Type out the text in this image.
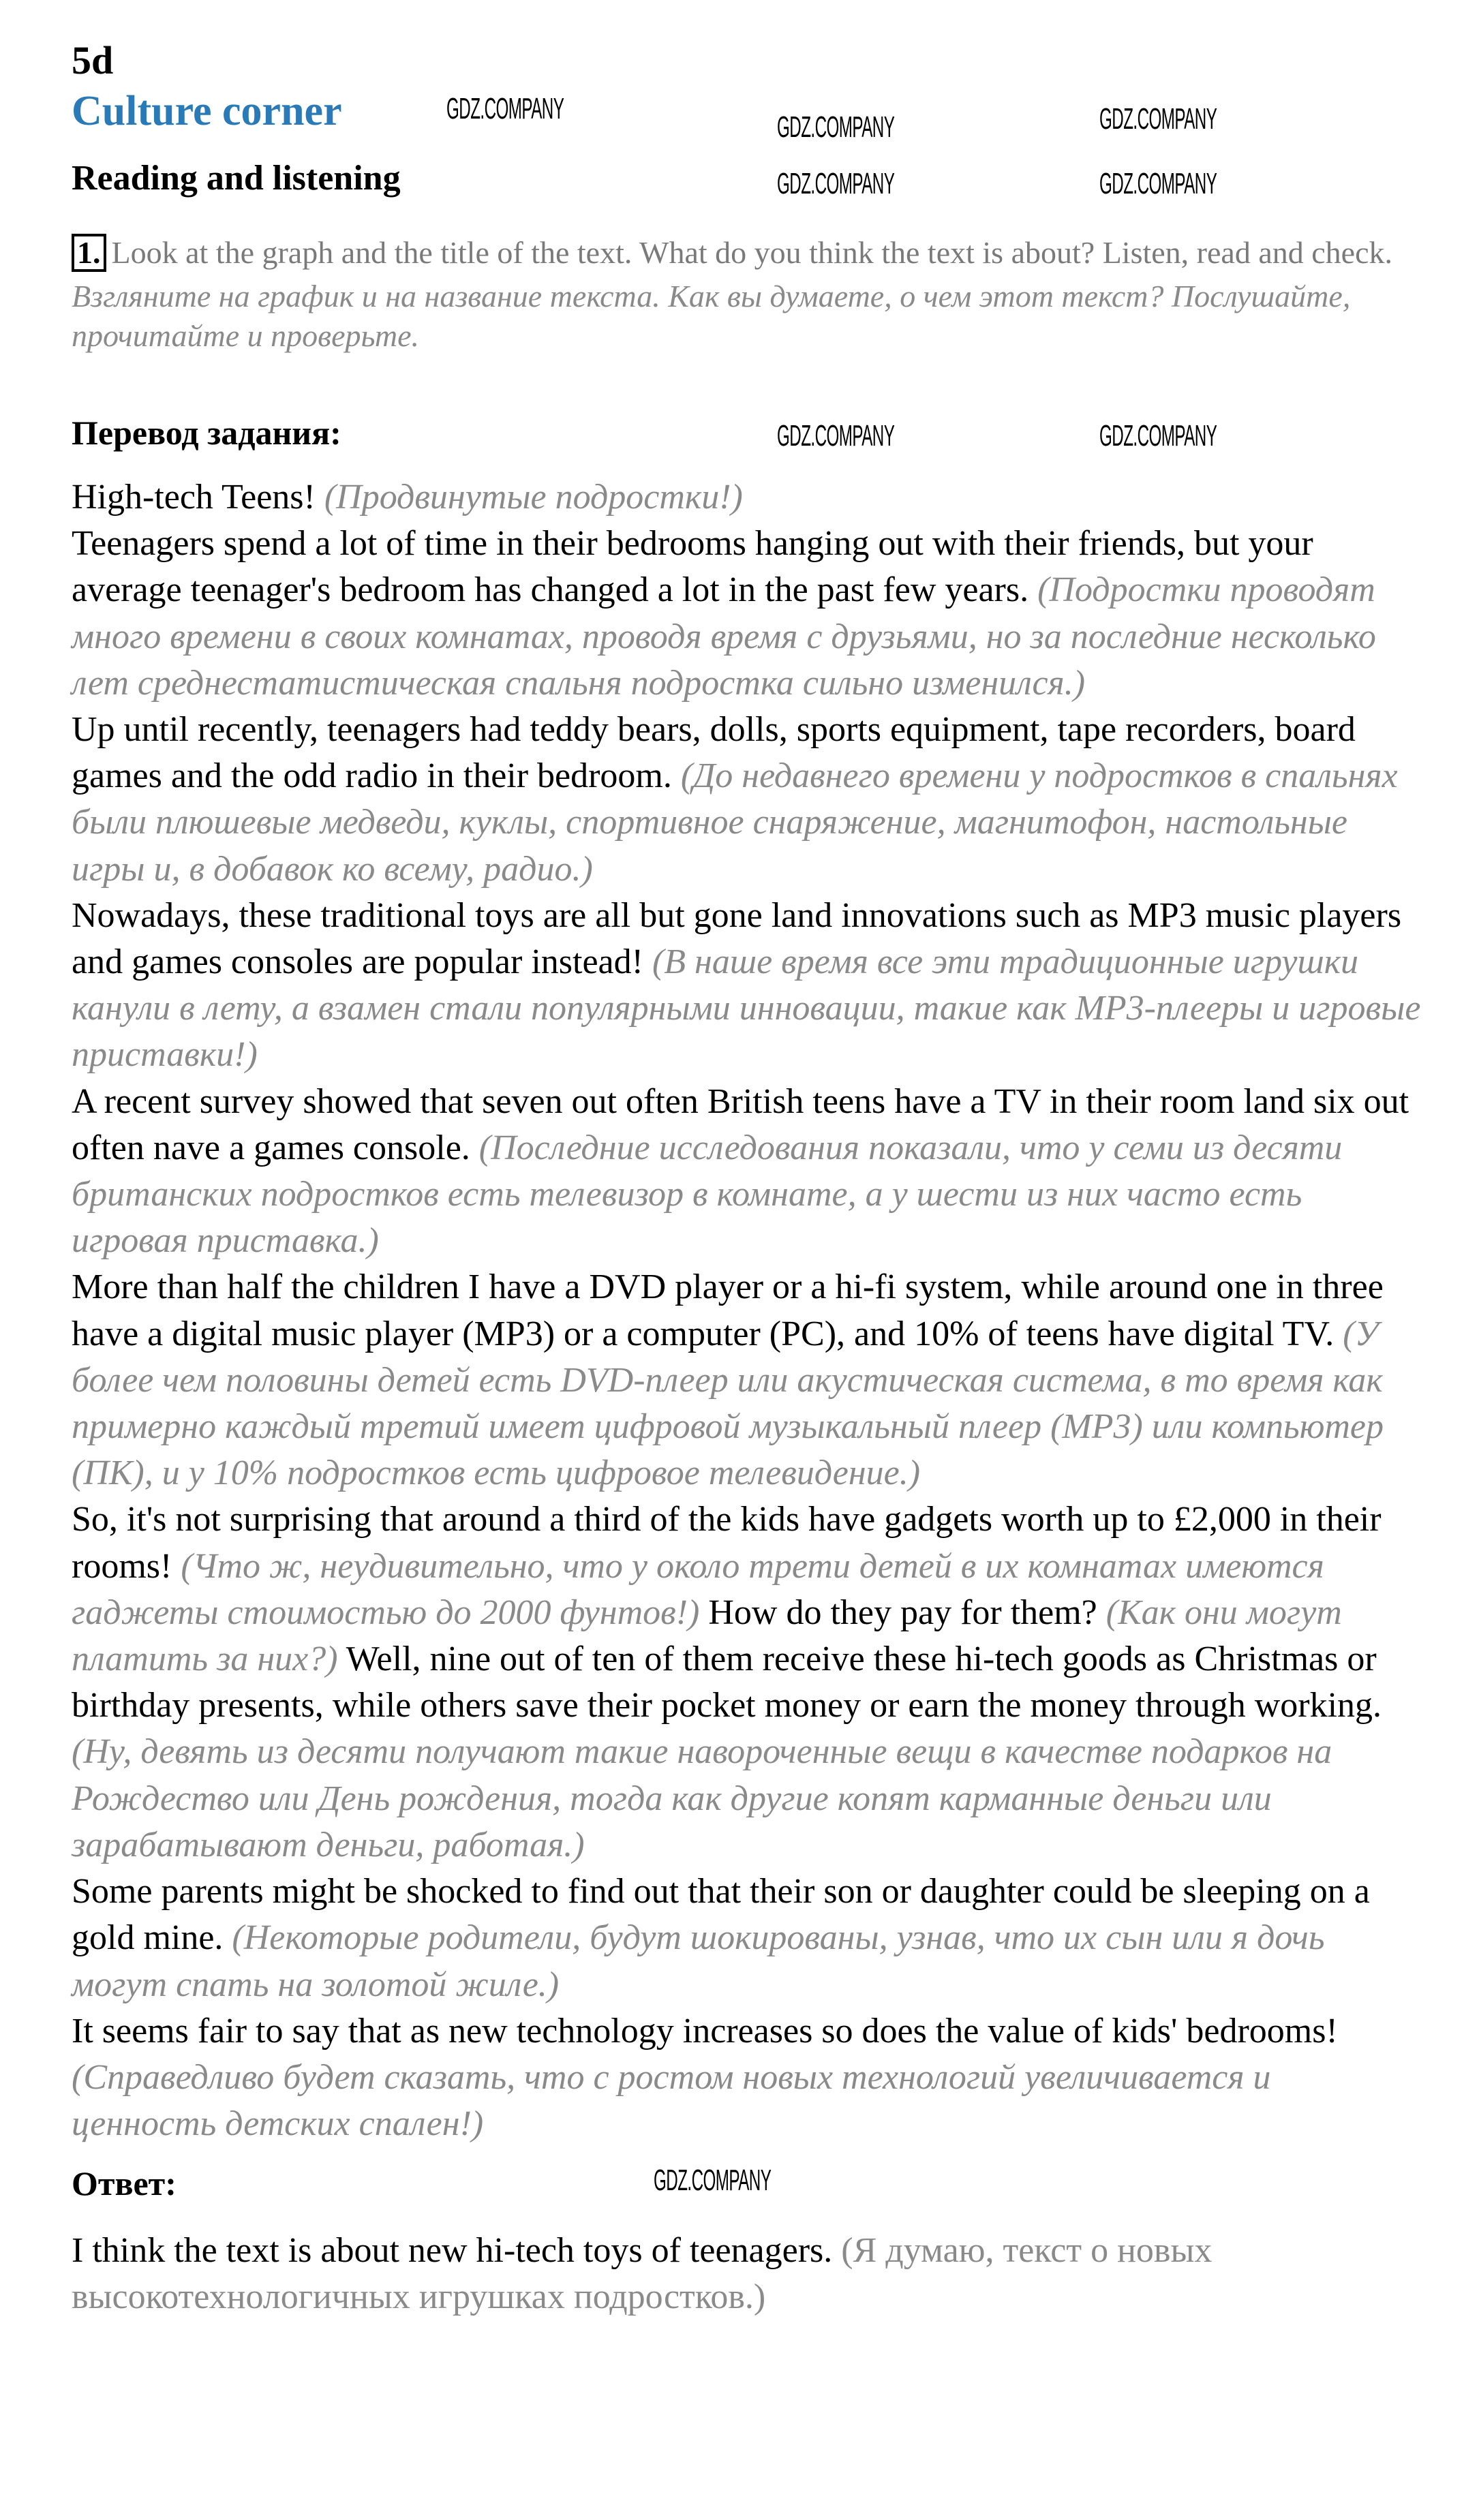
5d
Culture corner
Reading and listening
1. Look at the graph and the title of the text. What do you think the text is about? Listen, read and check.
Взгляните на график и на название текста. Как вы думаете, о чем этот текст? Послушайте, прочитайте и проверьте.
Перевод задания:

High-tech Teens! (Продвинутые подростки!)

Teenagers spend a lot of time in their bedrooms hanging out with their friends, but your average teenager's bedroom has changed a lot in the past few years. (Подростки проводят много времени в своих комнатах, проводя время с друзьями, но за последние несколько лет среднестатистическая спальня подростка сильно изменился.)

Up until recently, teenagers had teddy bears, dolls, sports equipment, tape recorders, board games and the odd radio in their bedroom. (До недавнего времени у подростков в спальнях были плюшевые медведи, куклы, спортивное снаряжение, магнитофон, настольные игры и, в добавок ко всему, радио.)

Nowadays, these traditional toys are all but gone land innovations such as MP3 music players and games consoles are popular instead! (В наше время все эти традиционные игрушки канули в лету, а взамен стали популярными инновации, такие как MP3-плееры и игровые приставки!)

A recent survey showed that seven out often British teens have a TV in their room land six out often nave a games console. (Последние исследования показали, что у семи из десяти британских подростков есть телевизор в комнате, а у шести из них часто есть игровая приставка.)

More than half the children I have a DVD player or a hi-fi system, while around one in three have a digital music player (MP3) or a computer (PC), and 10% of teens have digital TV. (У более чем половины детей есть DVD-плеер или акустическая система, в то время как примерно каждый третий имеет цифровой музыкальный плеер (MP3) или компьютер (ПК), и у 10% подростков есть цифровое телевидение.)

So, it's not surprising that around a third of the kids have gadgets worth up to £2,000 in their rooms! (Что ж, неудивительно, что у около трети детей в их комнатах имеются гаджеты стоимостью до 2000 фунтов!) How do they pay for them? (Как они могут платить за них?) Well, nine out of ten of them receive these hi-tech goods as Christmas or birthday presents, while others save their pocket money or earn the money through working. (Ну, девять из десяти получают такие навороченные вещи в качестве подарков на Рождество или День рождения, тогда как другие копят карманные деньги или зарабатывают деньги, работая.)

Some parents might be shocked to find out that their son or daughter could be sleeping on a gold mine. (Некоторые родители, будут шокированы, узнав, что их сын или я дочь могут спать на золотой жиле.)

It seems fair to say that as new technology increases so does the value of kids' bedrooms! (Справедливо будет сказать, что с ростом новых технологий увеличивается и ценность детских спален!)

Ответ:	GDZ.COMPANY
I think the text is about new hi-tech toys of teenagers. (Я думаю, текст о новых высокотехнологичных игрушках подростков.)
GDZ.COMPANY
GDZ.COMPANY	GDZ.COMPANY
GDZ.COMPANY	GDZ.COMPANY
GDZ.COMPANY	GDZ.COMPANY
